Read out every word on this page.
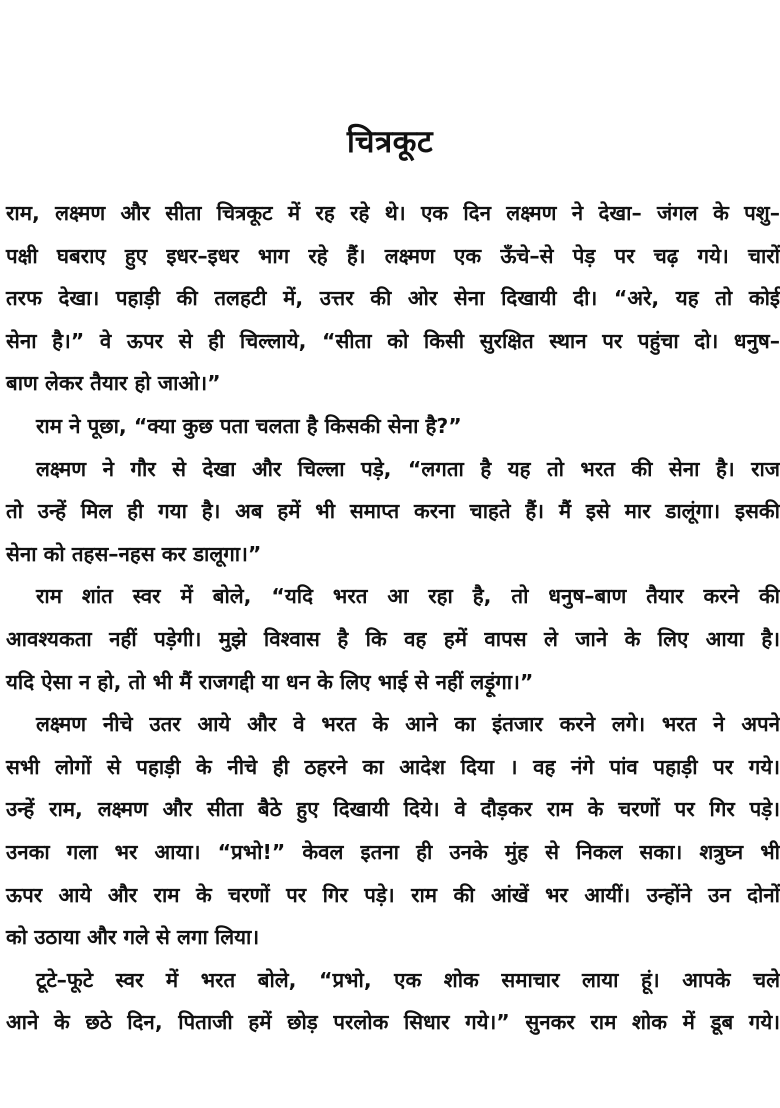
चित्रकूट
राम, लक्ष्मण और सीता चित्रकूट में रह रहे थे। एक दिन लक्ष्मण ने देखा– जंगल के पशु–
पक्षी घबराए हुए इधर–इधर भाग रहे हैं। लक्ष्मण एक ऊँचे–से पेड़ पर चढ़ गये। चारों
तरफ देखा। पहाड़ी की तलहटी में, उत्तर की ओर सेना दिखायी दी। “अरे, यह तो कोई
सेना है।” वे ऊपर से ही चिल्लाये, “सीता को किसी सुरक्षित स्थान पर पहुंचा दो। धनुष–
बाण लेकर तैयार हो जाओ।”
राम ने पूछा, “क्या कुछ पता चलता है किसकी सेना है?”
लक्ष्मण ने गौर से देखा और चिल्ला पड़े, “लगता है यह तो भरत की सेना है। राज
तो उन्हें मिल ही गया है। अब हमें भी समाप्त करना चाहते हैं। मैं इसे मार डालूंगा। इसकी
सेना को तहस–नहस कर डालूगा।”
राम शांत स्वर में बोले, “यदि भरत आ रहा है, तो धनुष–बाण तैयार करने की
आवश्यकता नहीं पड़ेगी। मुझे विश्वास है कि वह हमें वापस ले जाने के लिए आया है।
यदि ऐसा न हो, तो भी मैं राजगद्दी या धन के लिए भाई से नहीं लड़ूंगा।”
लक्ष्मण नीचे उतर आये और वे भरत के आने का इंतजार करने लगे। भरत ने अपने
सभी लोगों से पहाड़ी के नीचे ही ठहरने का आदेश दिया । वह नंगे पांव पहाड़ी पर गये।
उन्हें राम, लक्ष्मण और सीता बैठे हुए दिखायी दिये। वे दौड़कर राम के चरणों पर गिर पड़े।
उनका गला भर आया। “प्रभो!” केवल इतना ही उनके मुंह से निकल सका। शत्रुघ्न भी
ऊपर आये और राम के चरणों पर गिर पड़े। राम की आंखें भर आयीं। उन्होंने उन दोनों
को उठाया और गले से लगा लिया।
टूटे–फूटे स्वर में भरत बोले, “प्रभो, एक शोक समाचार लाया हूं। आपके चले
आने के छठे दिन, पिताजी हमें छोड़ परलोक सिधार गये।” सुनकर राम शोक में डूब गये।
